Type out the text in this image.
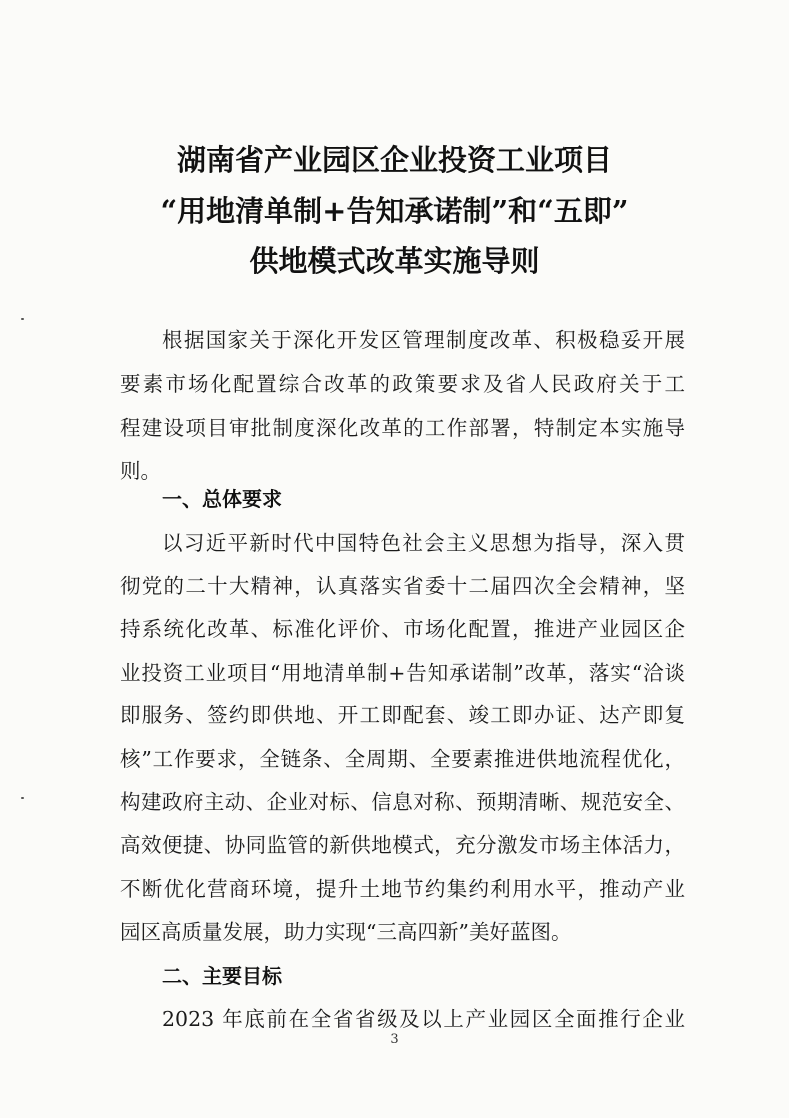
湖南省产业园区企业投资工业项目
“用地清单制+告知承诺制”和“五即”
供地模式改革实施导则
根据国家关于深化开发区管理制度改革、积极稳妥开展
要素市场化配置综合改革的政策要求及省人民政府关于工
程建设项目审批制度深化改革的工作部署，特制定本实施导
则。
一、总体要求
以习近平新时代中国特色社会主义思想为指导，深入贯
彻党的二十大精神，认真落实省委十二届四次全会精神，坚
持系统化改革、标准化评价、市场化配置，推进产业园区企
业投资工业项目“用地清单制+告知承诺制”改革，落实“洽谈
即服务、签约即供地、开工即配套、竣工即办证、达产即复
核”工作要求，全链条、全周期、全要素推进供地流程优化，
构建政府主动、企业对标、信息对称、预期清晰、规范安全、
高效便捷、协同监管的新供地模式，充分激发市场主体活力，
不断优化营商环境，提升土地节约集约利用水平，推动产业
园区高质量发展，助力实现“三高四新”美好蓝图。
二、主要目标
2023 年底前在全省省级及以上产业园区全面推行企业
3
